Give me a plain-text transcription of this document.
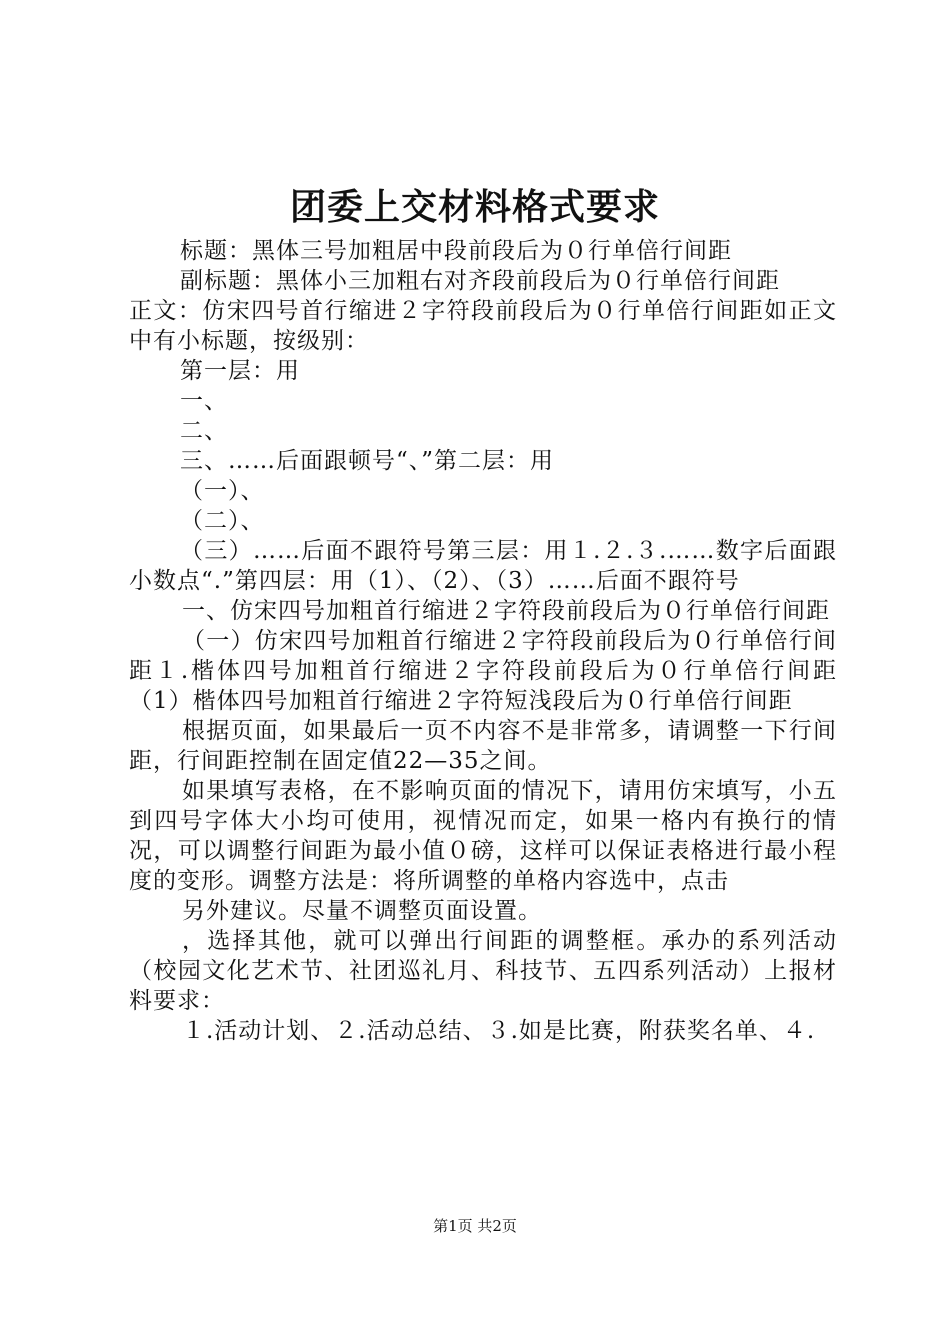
团委上交材料格式要求

标题：黑体三号加粗居中段前段后为０行单倍行间距

副标题：黑体小三加粗右对齐段前段后为０行单倍行间距

正文：仿宋四号首行缩进２字符段前段后为０行单倍行间距如正文中有小标题，按级别：

第一层：用

一、

二、

三、……后面跟顿号“、”第二层：用

（一）、

（二）、

（三）……后面不跟符号第三层：用１.２.３.……数字后面跟小数点“.”第四层：用（1）、（2）、（3）……后面不跟符号

一、仿宋四号加粗首行缩进２字符段前段后为０行单倍行间距

（一）仿宋四号加粗首行缩进２字符段前段后为０行单倍行间距１.楷体四号加粗首行缩进２字符段前段后为０行单倍行间距（1）楷体四号加粗首行缩进２字符短浅段后为０行单倍行间距

根据页面，如果最后一页不内容不是非常多，请调整一下行间距，行间距控制在固定值22—35之间。

如果填写表格，在不影响页面的情况下，请用仿宋填写，小五到四号字体大小均可使用，视情况而定，如果一格内有换行的情况，可以调整行间距为最小值０磅，这样可以保证表格进行最小程度的变形。调整方法是：将所调整的单格内容选中，点击

另外建议。尽量不调整页面设置。

，选择其他，就可以弹出行间距的调整框。承办的系列活动（校园文化艺术节、社团巡礼月、科技节、五四系列活动）上报材料要求：

１.活动计划、２.活动总结、３.如是比赛，附获奖名单、４.

第1页 共2页
